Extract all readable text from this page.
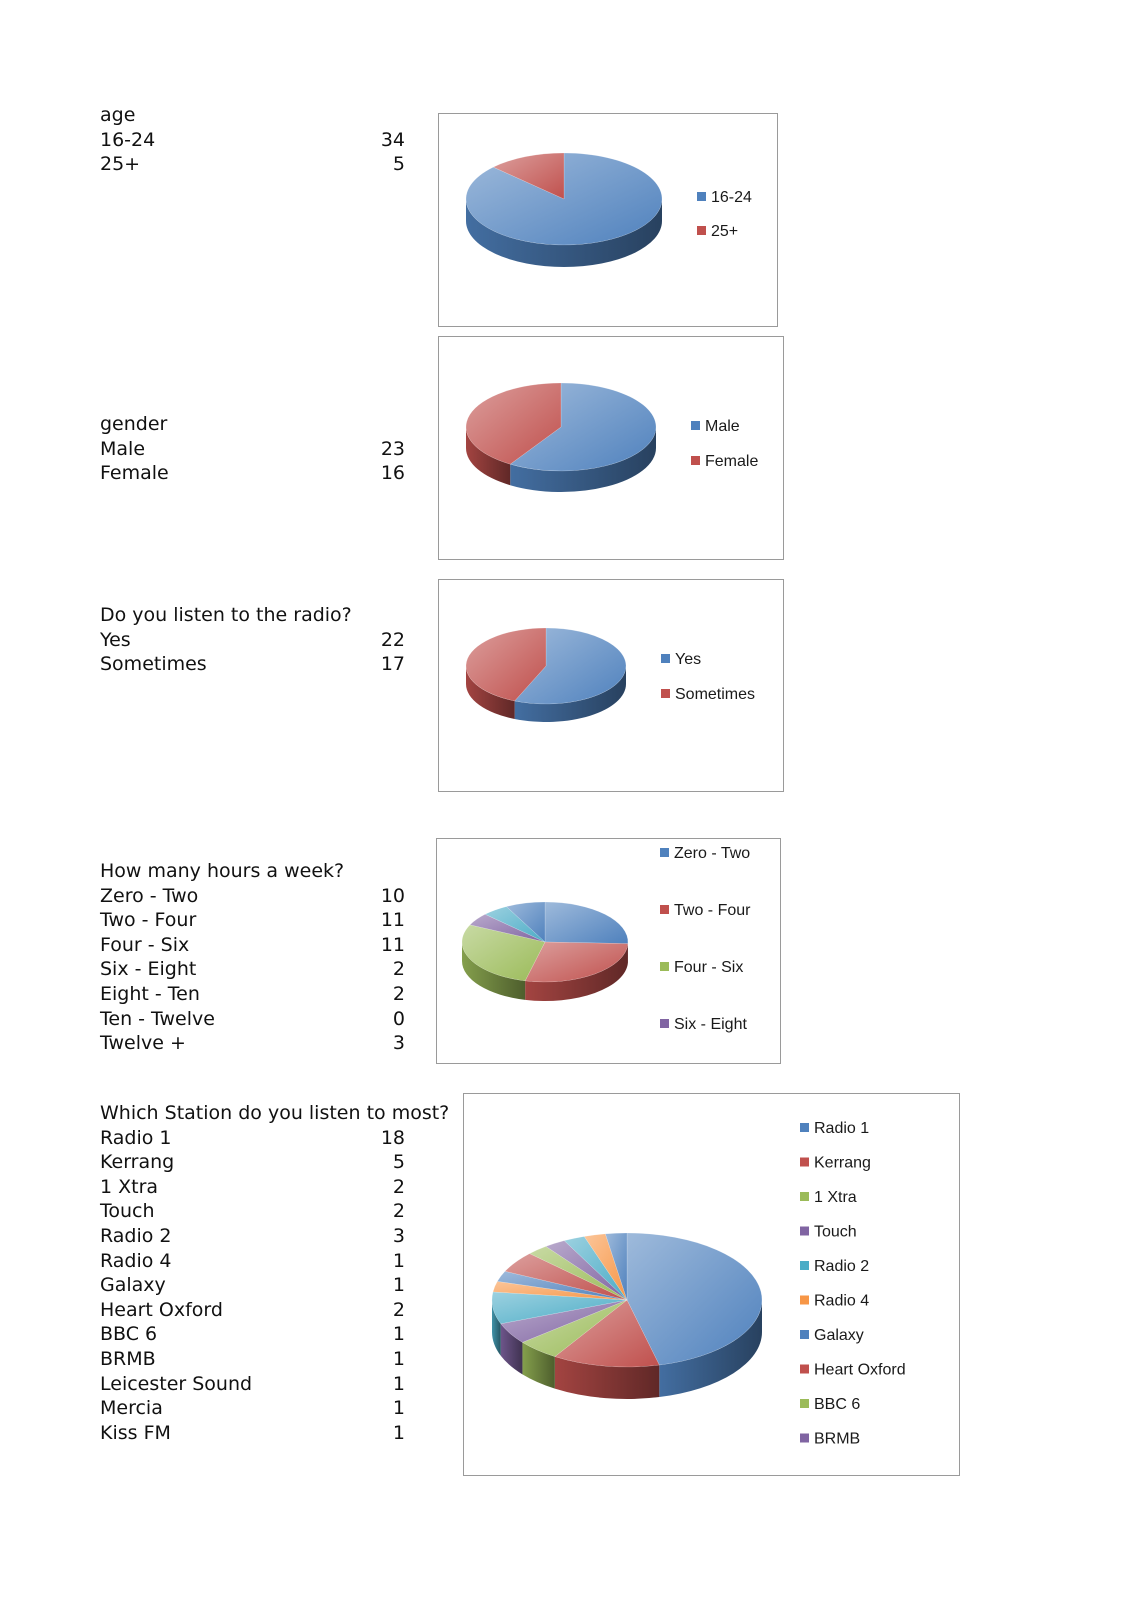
age
16-24	34
25+	5
gender
Male	23
Female	16
Do you listen to the radio?
Yes	22
Sometimes	17
How many hours a week?
Zero - Two	10
Two - Four	11
Four - Six	11
Six - Eight	2
Eight - Ten	2
Ten - Twelve	0
Twelve +	3
Which Station do you listen to most?
Radio 1	18
Kerrang	5
1 Xtra	2
Touch	2
Radio 2	3
Radio 4	1
Galaxy	1
Heart Oxford	2
BBC 6	1
BRMB	1
Leicester Sound	1
Mercia	1
Kiss FM	1
16-24
25+
Male
Female
Yes
Sometimes
Zero - Two
Two - Four
Four - Six
Six - Eight
Radio 1
Kerrang
1 Xtra
Touch
Radio 2
Radio 4
Galaxy
Heart Oxford
BBC 6
BRMB
